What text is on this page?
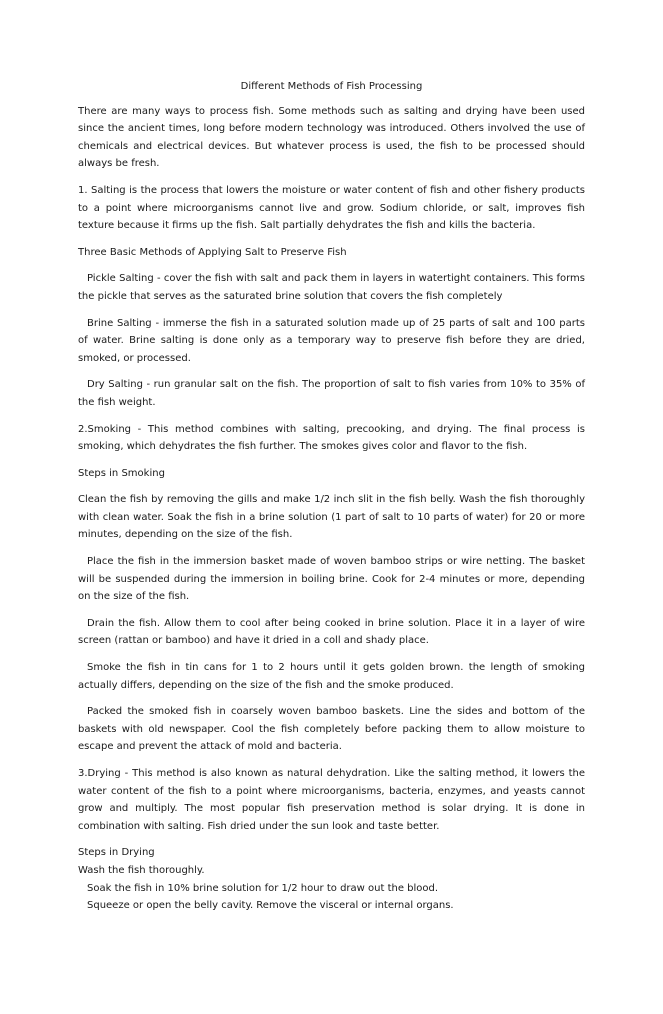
Different Methods of Fish Processing

There are many ways to process fish. Some methods such as salting and drying have been used since the ancient times, long before modern technology was introduced. Others involved the use of chemicals and electrical devices. But whatever process is used, the fish to be processed should always be fresh.

1. Salting is the process that lowers the moisture or water content of fish and other fishery products to a point where microorganisms cannot live and grow. Sodium chloride, or salt, improves fish texture because it firms up the fish. Salt partially dehydrates the fish and kills the bacteria.

Three Basic Methods of Applying Salt to Preserve Fish

Pickle Salting - cover the fish with salt and pack them in layers in watertight containers. This forms the pickle that serves as the saturated brine solution that covers the fish completely

Brine Salting - immerse the fish in a saturated solution made up of 25 parts of salt and 100 parts of water. Brine salting is done only as a temporary way to preserve fish before they are dried, smoked, or processed.

Dry Salting - run granular salt on the fish. The proportion of salt to fish varies from 10% to 35% of the fish weight.

2.Smoking - This method combines with salting, precooking, and drying. The final process is smoking, which dehydrates the fish further. The smokes gives color and flavor to the fish.

Steps in Smoking

Clean the fish by removing the gills and make 1/2 inch slit in the fish belly. Wash the fish thoroughly with clean water. Soak the fish in a brine solution (1 part of salt to 10 parts of water) for 20 or more minutes, depending on the size of the fish.

Place the fish in the immersion basket made of woven bamboo strips or wire netting. The basket will be suspended during the immersion in boiling brine. Cook for 2-4 minutes or more, depending on the size of the fish.

Drain the fish. Allow them to cool after being cooked in brine solution. Place it in a layer of wire screen (rattan or bamboo) and have it dried in a coll and shady place.

Smoke the fish in tin cans for 1 to 2 hours until it gets golden brown. the length of smoking actually differs, depending on the size of the fish and the smoke produced.

Packed the smoked fish in coarsely woven bamboo baskets. Line the sides and bottom of the baskets with old newspaper. Cool the fish completely before packing them to allow moisture to escape and prevent the attack of mold and bacteria.

3.Drying - This method is also known as natural dehydration. Like the salting method, it lowers the water content of the fish to a point where microorganisms, bacteria, enzymes, and yeasts cannot grow and multiply. The most popular fish preservation method is solar drying. It is done in combination with salting. Fish dried under the sun look and taste better.

Steps in Drying

Wash the fish thoroughly.

Soak the fish in 10% brine solution for 1/2 hour to draw out the blood.

Squeeze or open the belly cavity. Remove the visceral or internal organs.
